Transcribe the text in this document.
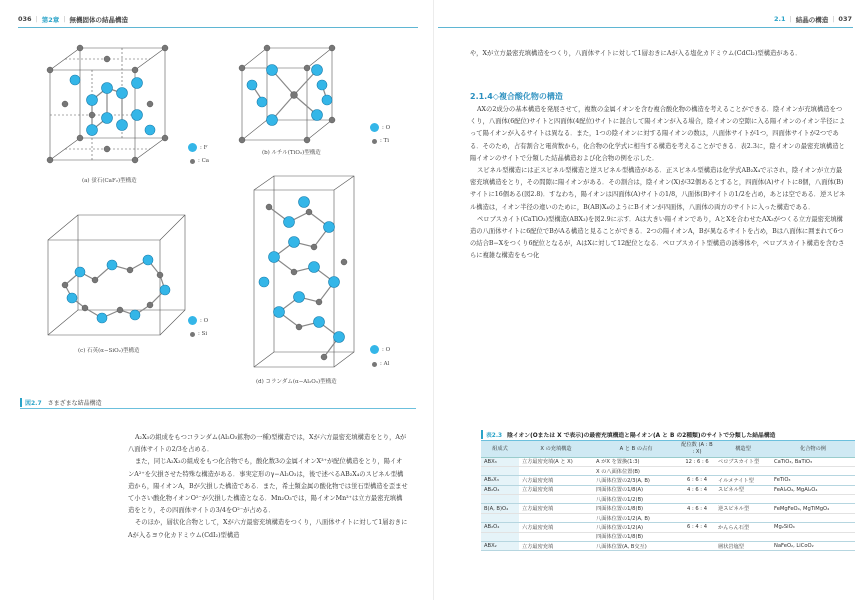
036 | 第2章 | 無機固体の結晶構造
: F
: Ca
(a) 蛍石(CaF₂)型構造
: O
: Ti
(b) ルチル(TiO₂)型構造
: O
: Si
(c) 石英(α−SiO₂)型構造	: O
: Al
(d) コランダム(α−Al₂O₃)型構造
図2.7 さまざまな結晶構造

A₂X₃の組成をもつコランダム(Al₂O₃鉱物の一種)型構造では，Xが六方最密充填構造をとり，Aが八面体サイトの2/3を占める．

また，同じA₂X₃の組成をもつ化合物でも，酸化数3の金属イオンX³⁺が配位構造をとり，陽イオンA²⁺を欠損させた特殊な構造がある．事実定形のγ−Al₂O₃は，後で述べるAB₂X₄のスピネル型構造から，陽イオンA，Bが欠損した構造である．また，希土類金属の酸化物では蛍石型構造を歪ませて小さい酸化物イオンO²⁻が欠損した構造となる．Mn₂O₃では，陽イオンMn³⁺は立方最密充填構造をとり，その四面体サイトの3/4をO²⁻が占める．

そのほか，層状化合物として，Xが六方最密充填構造をつくり，八面体サイトに対して1層おきにAが入るヨウ化カドミウム(CdI₂)型構造

2.1 | 結晶の構造 | 037

や，Xが立方最密充填構造をつくり，八面体サイトに対して1層おきにAが入る塩化カドミウム(CdCl₂)型構造がある．

2.1.4◇複合酸化物の構造

AXの2成分の基本構造を発展させて，複数の金属イオンを含む複合酸化物の構造を考えることができる．陰イオンが充填構造をつくり，八面体(6配位)サイトと四面体(4配位)サイトに混合して陽イオンが入る場合，陰イオンの空隙に入る陽イオンのイオン半径によって陽イオンが入るサイトは異なる．また，1つの陰イオンに対する陽イオンの数は，八面体サイトが1つ，四面体サイトが2つである．そのため，占有割合と電荷数から，化合物の化学式に相当する構造を考えることができる．表2.3に，陰イオンの最密充填構造と陽イオンのサイトで分類した結晶構造および化合物の例を示した．

スピネル型構造には正スピネル型構造と逆スピネル型構造がある．正スピネル型構造は化学式AB₂X₄で示され，陰イオンが立方最密充填構造をとり，その間隙に陽イオンがある．その割合は，陰イオン(X)が32個あるとすると，四面体(A)サイトに8個，八面体(B)サイトに16個ある(図2.8)．すなわち，陽イオンは四面体(A)サイトの1/8，八面体(B)サイトの1/2を占め，あとは空である．逆スピネル構造は，イオン半径の違いのために，B(AB)X₄のようにBイオンが四面体，八面体の両方のサイトに入った構造である．

ペロブスカイト(CaTiO₃)型構造(ABX₃)を図2.9に示す．Aは大きい陽イオンであり，AとXを合わせたAX₃がつくる立方最密充填構造の八面体サイトに6配位でBがAる構造と見ることができる．2つの陽イオンA，Bが異なるサイトを占め，Bは八面体に囲まれて6つの結合B−Xをつくり6配位となるが，AはXに対して12配位となる．ペロブスカイト型構造の誘導体や，ペロブスカイト構造を含むさらに複雑な構造をもつ化

表2.3 陰イオン(Oまたは X で表示)の最密充填構造と陽イオン(A と B の2種類)のサイトで分類した結晶構造
組成式	X の充填構造	A と B の占有	配位数 (A : B : X)	構造型	化合物の例
ABX₃	立方最密充填(A と X)	A がX を置換(1:3)	12 : 6 : 6	ペロブスカイト型	CaTiO₃, BaTiO₃
		X の八面体位置(B)			
AB₂X₃	六方最密充填	八面体位置の2/3(A, B)	6 : 6 : 4	イルメナイト型	FeTiO₃
AB₂O₄	立方最密充填	四面体位置の1/8(A)	4 : 6 : 4	スピネル型	FeAl₂O₄, MgAl₂O₄
		八面体位置の1/2(B)			
B(A, B)O₄	立方最密充填	四面体位置の1/8(B)	4 : 6 : 4	逆スピネル型	FeMgFeO₄, MgTiMgO₄
		八面体位置の1/2(A, B)			
AB₂O₄	六方最密充填	八面体位置の1/2(A)	6 : 4 : 4	かんらん石型	Mg₂SiO₄
		四面体位置の1/8(B)			
ABX₂	立方最密充填	八面体位置(A, B交互)		層状岩塩型	NaFeO₂, LiCoO₂
